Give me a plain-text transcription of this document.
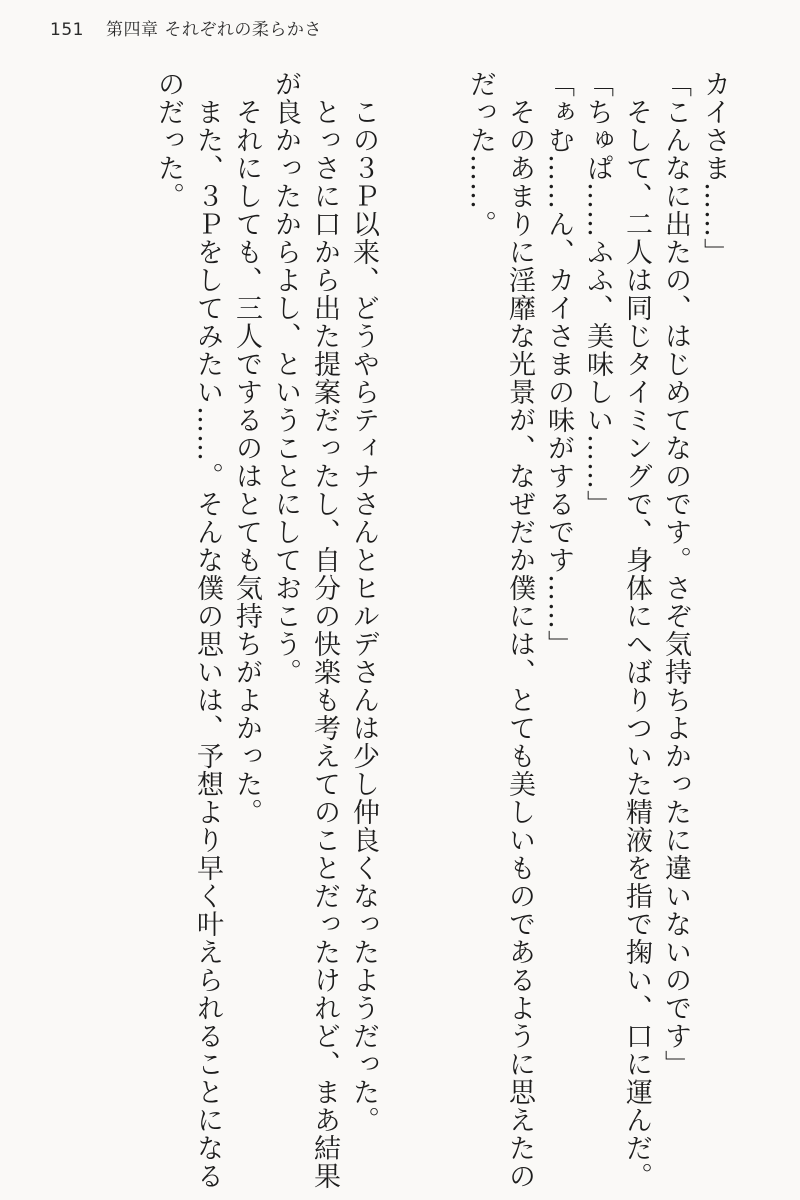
151 第四章 それぞれの柔らかさ

カイさま……」

「こんなに出たの、はじめてなのです。さぞ気持ちよかったに違いないのです」

そして、二人は同じタイミングで、身体にへばりついた精液を指で掬い、口に運んだ。

「ちゅぱ……ふふ、美味しい……」

「ぁむ……ん、カイさまの味がするです……」

そのあまりに淫靡な光景が、なぜだか僕には、とても美しいものであるように思えたのだった……。

この３Ｐ以来、どうやらティナさんとヒルデさんは少し仲良くなったようだった。

とっさに口から出た提案だったし、自分の快楽も考えてのことだったけれど、まあ結果が良かったからよし、ということにしておこう。

それにしても、三人でするのはとても気持ちがよかった。

また、３Ｐをしてみたい……。そんな僕の思いは、予想より早く叶えられることになるのだった。
